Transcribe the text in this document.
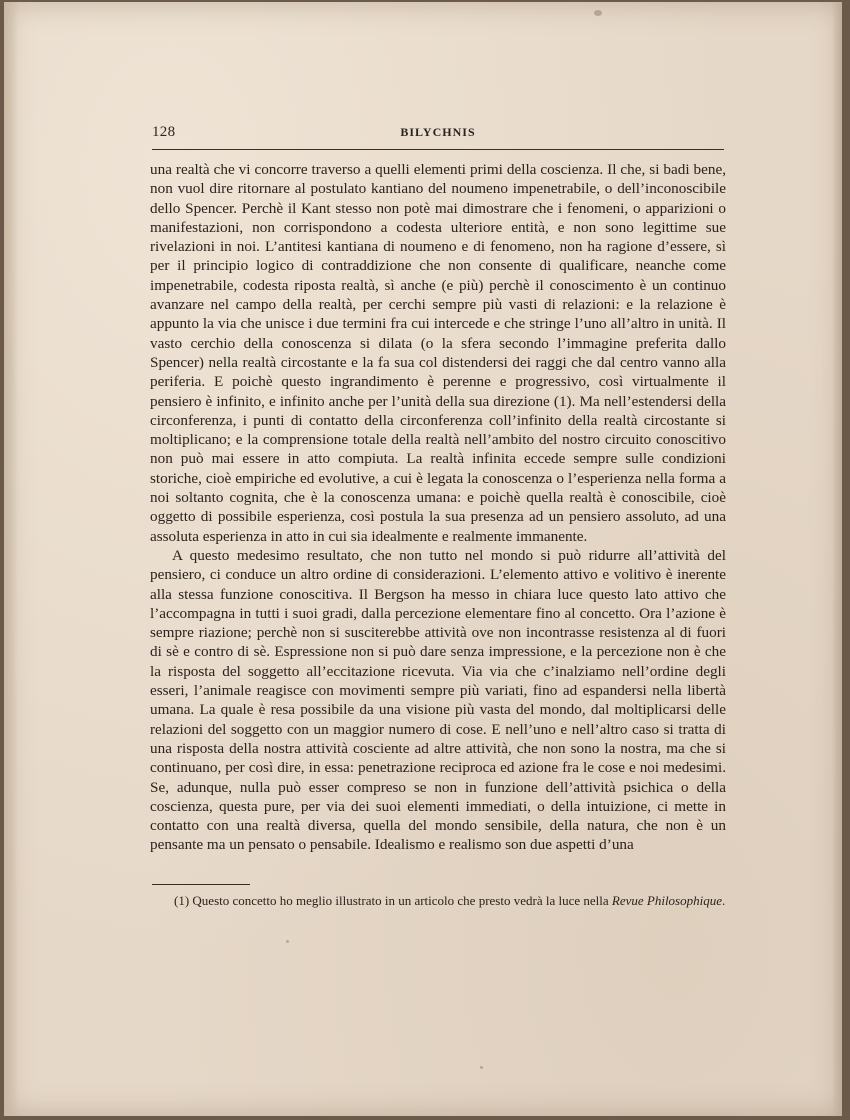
128	BILYCHNIS

una realtà che vi concorre traverso a quelli elementi primi della coscienza. Il che, si badi bene, non vuol dire ritornare al postulato kantiano del noumeno impenetrabile, o dell’inconoscibile dello Spencer. Perchè il Kant stesso non potè mai dimostrare che i fenomeni, o apparizioni o manifestazioni, non corrispondono a codesta ulteriore entità, e non sono legittime sue rivelazioni in noi. L’antitesi kantiana di noumeno e di fenomeno, non ha ragione d’essere, sì per il principio logico di contraddizione che non consente di qualificare, neanche come impenetrabile, codesta riposta realtà, sì anche (e più) perchè il conoscimento è un continuo avanzare nel campo della realtà, per cerchi sempre più vasti di relazioni: e la relazione è appunto la via che unisce i due termini fra cui intercede e che stringe l’uno all’altro in unità. Il vasto cerchio della conoscenza si dilata (o la sfera secondo l’immagine preferita dallo Spencer) nella realtà circostante e la fa sua col distendersi dei raggi che dal centro vanno alla periferia. E poichè questo ingrandimento è perenne e progressivo, così virtualmente il pensiero è infinito, e infinito anche per l’unità della sua direzione (1). Ma nell’estendersi della circonferenza, i punti di contatto della circonferenza coll’infinito della realtà circostante si moltiplicano; e la comprensione totale della realtà nell’ambito del nostro circuito conoscitivo non può mai essere in atto compiuta. La realtà infinita eccede sempre sulle condizioni storiche, cioè empiriche ed evolutive, a cui è legata la conoscenza o l’esperienza nella forma a noi soltanto cognita, che è la conoscenza umana: e poichè quella realtà è conoscibile, cioè oggetto di possibile esperienza, così postula la sua presenza ad un pensiero assoluto, ad una assoluta esperienza in atto in cui sia idealmente e realmente immanente.

A questo medesimo resultato, che non tutto nel mondo si può ridurre all’attività del pensiero, ci conduce un altro ordine di considerazioni. L’elemento attivo e volitivo è inerente alla stessa funzione conoscitiva. Il Bergson ha messo in chiara luce questo lato attivo che l’accompagna in tutti i suoi gradi, dalla percezione elementare fino al concetto. Ora l’azione è sempre riazione; perchè non si susciterebbe attività ove non incontrasse resistenza al di fuori di sè e contro di sè. Espressione non si può dare senza impressione, e la percezione non è che la risposta del soggetto all’eccitazione ricevuta. Via via che c’inalziamo nell’ordine degli esseri, l’animale reagisce con movimenti sempre più variati, fino ad espandersi nella libertà umana. La quale è resa possibile da una visione più vasta del mondo, dal moltiplicarsi delle relazioni del soggetto con un maggior numero di cose. E nell’uno e nell’altro caso si tratta di una risposta della nostra attività cosciente ad altre attività, che non sono la nostra, ma che si continuano, per così dire, in essa: penetrazione reciproca ed azione fra le cose e noi medesimi. Se, adunque, nulla può esser compreso se non in funzione dell’attività psichica o della coscienza, questa pure, per via dei suoi elementi immediati, o della intuizione, ci mette in contatto con una realtà diversa, quella del mondo sensibile, della natura, che non è un pensante ma un pensato o pensabile. Idealismo e realismo son due aspetti d’una

(1) Questo concetto ho meglio illustrato in un articolo che presto vedrà la luce nella Revue Philosophique.
